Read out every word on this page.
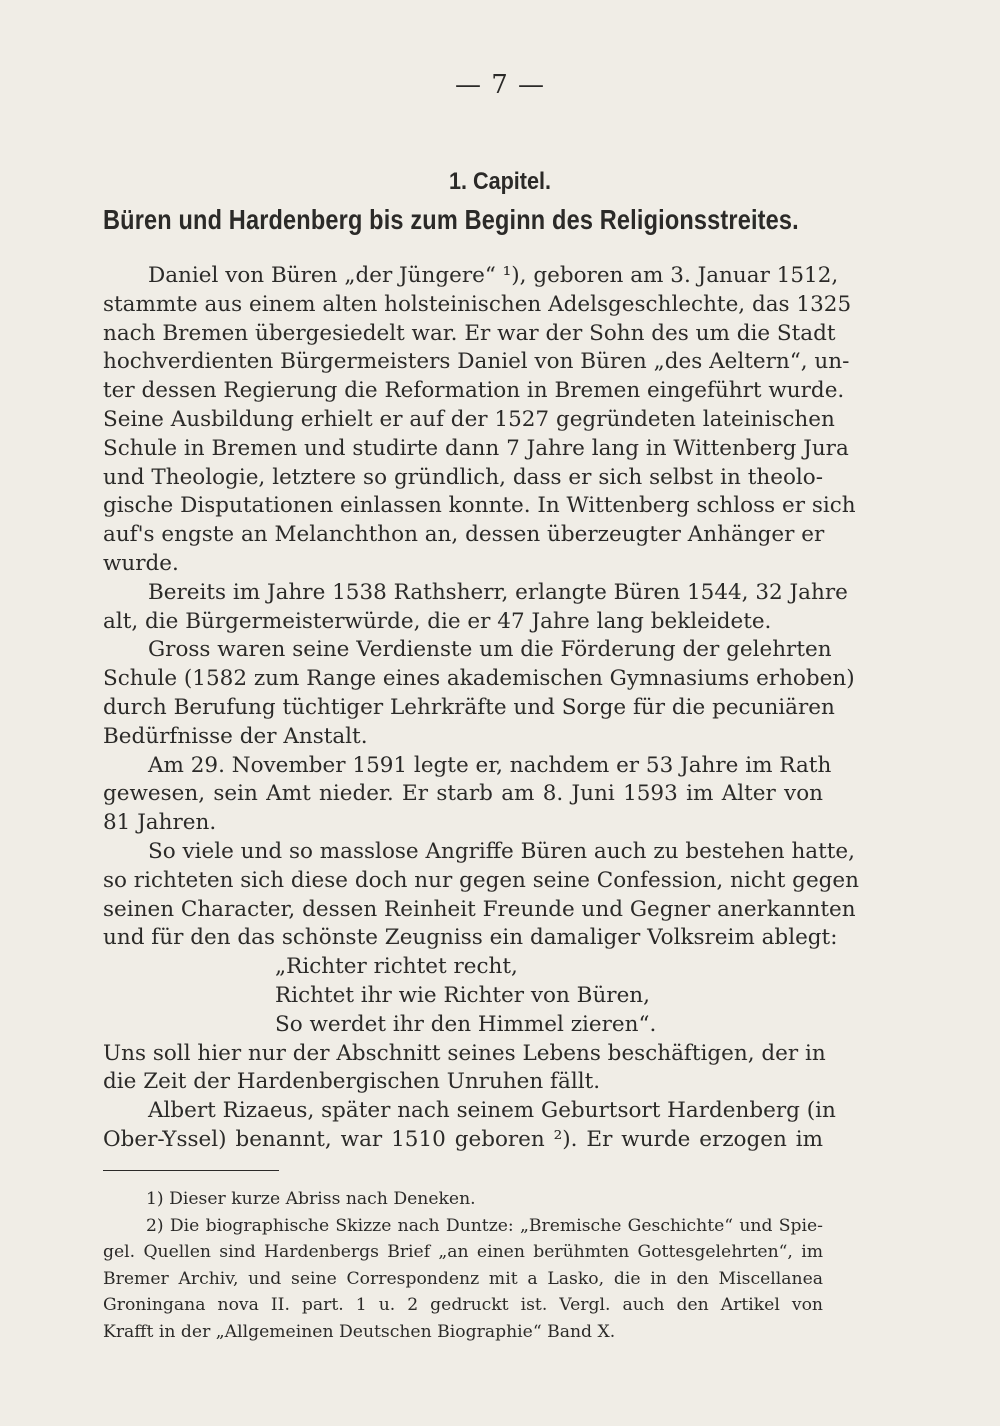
— 7 —
1. Capitel.
Büren und Hardenberg bis zum Beginn des Religionsstreites.
Daniel von Büren „der Jüngere“ ¹), geboren am 3. Januar 1512,
stammte aus einem alten holsteinischen Adelsgeschlechte, das 1325
nach Bremen übergesiedelt war. Er war der Sohn des um die Stadt
hochverdienten Bürgermeisters Daniel von Büren „des Aeltern“, un-
ter dessen Regierung die Reformation in Bremen eingeführt wurde.
Seine Ausbildung erhielt er auf der 1527 gegründeten lateinischen
Schule in Bremen und studirte dann 7 Jahre lang in Wittenberg Jura
und Theologie, letztere so gründlich, dass er sich selbst in theolo-
gische Disputationen einlassen konnte. In Wittenberg schloss er sich
auf's engste an Melanchthon an, dessen überzeugter Anhänger er
wurde.
Bereits im Jahre 1538 Rathsherr, erlangte Büren 1544, 32 Jahre
alt, die Bürgermeisterwürde, die er 47 Jahre lang bekleidete.
Gross waren seine Verdienste um die Förderung der gelehrten
Schule (1582 zum Range eines akademischen Gymnasiums erhoben)
durch Berufung tüchtiger Lehrkräfte und Sorge für die pecuniären
Bedürfnisse der Anstalt.
Am 29. November 1591 legte er, nachdem er 53 Jahre im Rath
gewesen, sein Amt nieder. Er starb am 8. Juni 1593 im Alter von
81 Jahren.
So viele und so masslose Angriffe Büren auch zu bestehen hatte,
so richteten sich diese doch nur gegen seine Confession, nicht gegen
seinen Character, dessen Reinheit Freunde und Gegner anerkannten
und für den das schönste Zeugniss ein damaliger Volksreim ablegt:
„Richter richtet recht,
Richtet ihr wie Richter von Büren,
So werdet ihr den Himmel zieren“.
Uns soll hier nur der Abschnitt seines Lebens beschäftigen, der in
die Zeit der Hardenbergischen Unruhen fällt.
Albert Rizaeus, später nach seinem Geburtsort Hardenberg (in
Ober-Yssel) benannt, war 1510 geboren ²). Er wurde erzogen im
1) Dieser kurze Abriss nach Deneken.
2) Die biographische Skizze nach Duntze: „Bremische Geschichte“ und Spie-
gel. Quellen sind Hardenbergs Brief „an einen berühmten Gottesgelehrten“, im
Bremer Archiv, und seine Correspondenz mit a Lasko, die in den Miscellanea
Groningana nova II. part. 1 u. 2 gedruckt ist. Vergl. auch den Artikel von
Krafft in der „Allgemeinen Deutschen Biographie“ Band X.
